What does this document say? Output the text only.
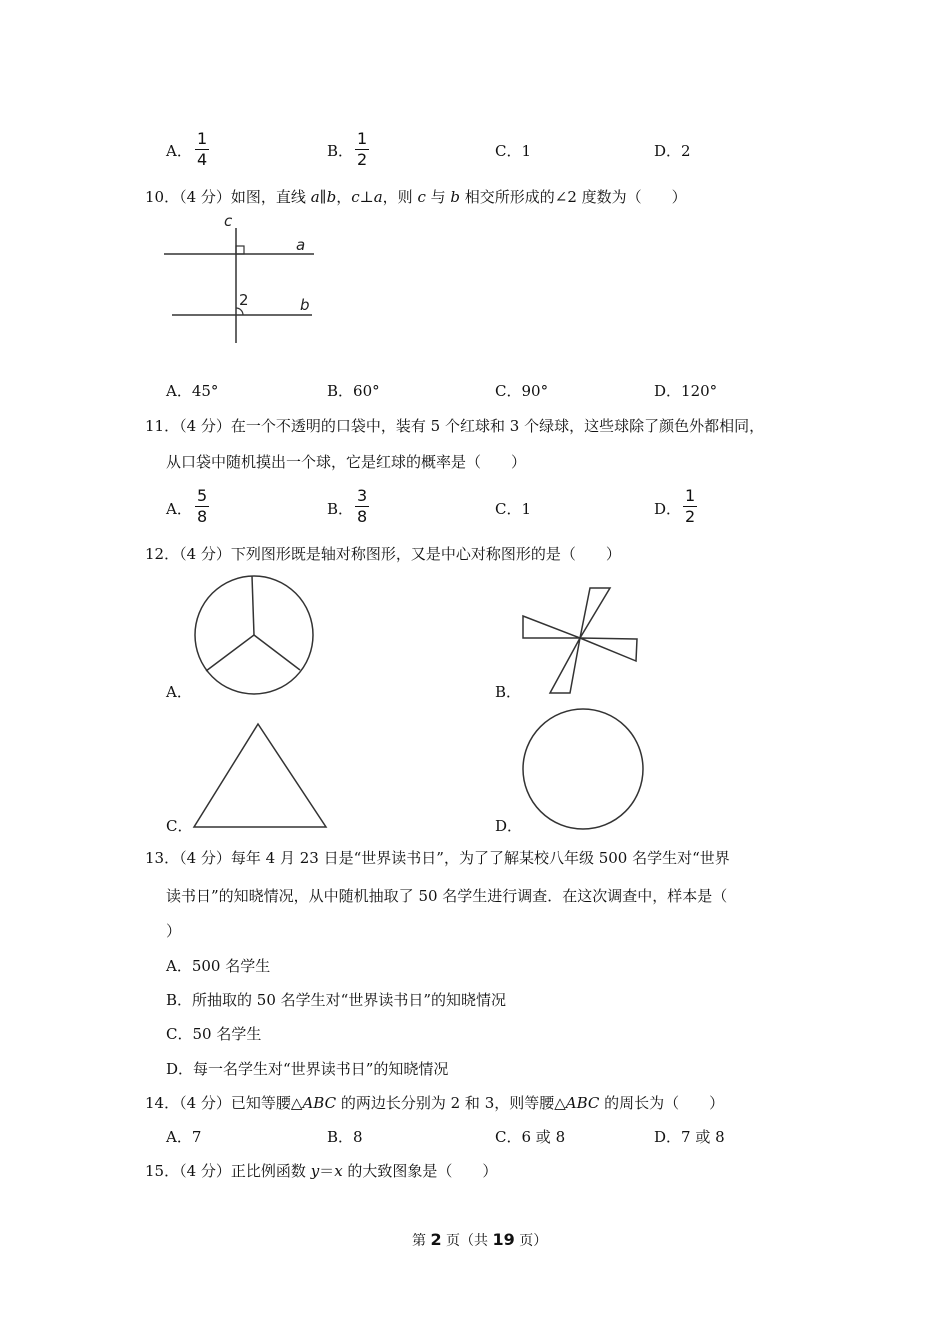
A．
1
4	B．
1
2	C．1	D．2
10．（4 分）如图，直线 a∥b，c⊥a，则 c 与 b 相交所形成的∠2 度数为（　　）
c
a
b
2
A．45°	B．60°	C．90°	D．120°
11．（4 分）在一个不透明的口袋中，装有 5 个红球和 3 个绿球，这些球除了颜色外都相同，
从口袋中随机摸出一个球，它是红球的概率是（　　）
A．
5
8	B．
3
8	C．1	D．
1
2
12．（4 分）下列图形既是轴对称图形，又是中心对称图形的是（　　）
A．	B．
C．	D．
13．（4 分）每年 4 月 23 日是“世界读书日”，为了了解某校八年级 500 名学生对“世界
读书日”的知晓情况，从中随机抽取了 50 名学生进行调查．在这次调查中，样本是（
）
A．500 名学生
B．所抽取的 50 名学生对“世界读书日”的知晓情况
C．50 名学生
D．每一名学生对“世界读书日”的知晓情况
14．（4 分）已知等腰△ABC 的两边长分别为 2 和 3，则等腰△ABC 的周长为（　　）
A．7	B．8	C．6 或 8	D．7 或 8
15．（4 分）正比例函数 y＝x 的大致图象是（　　）
第 2 页（共 19 页）
